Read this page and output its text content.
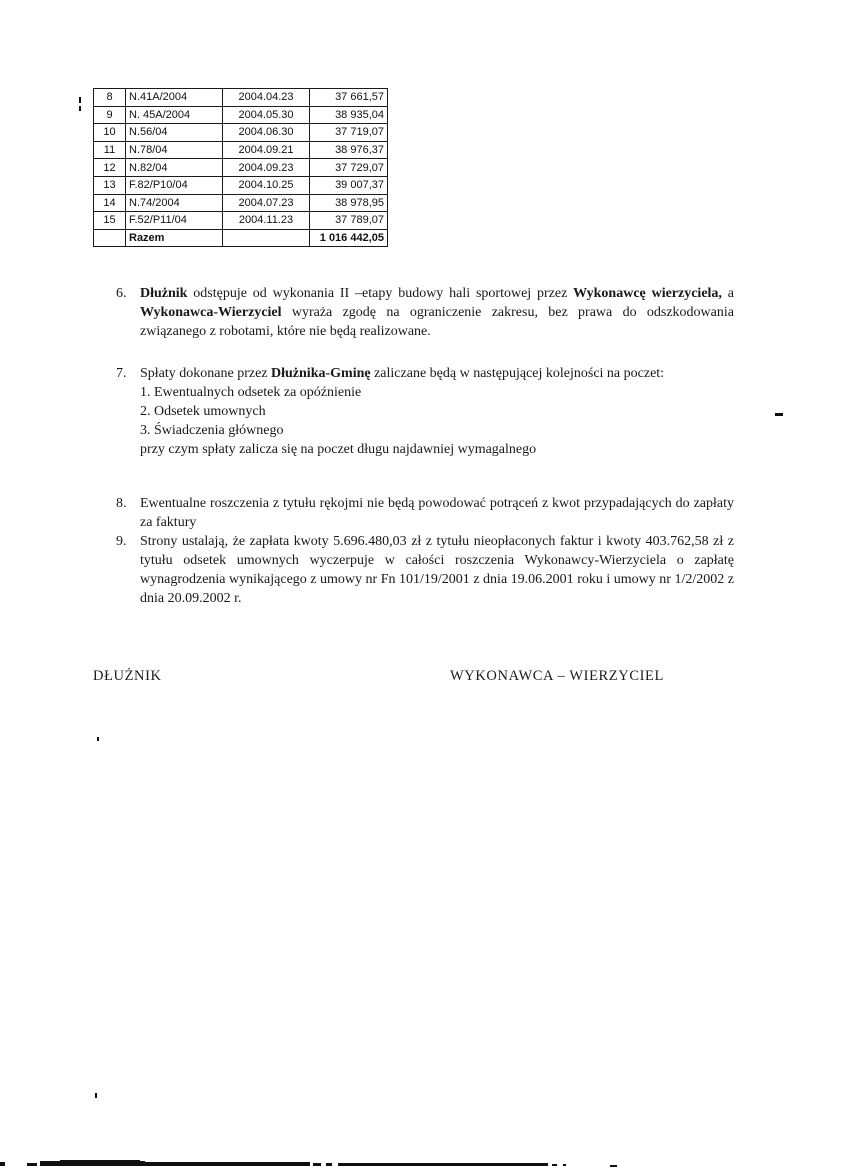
8	N.41A/2004	2004.04.23	37 661,57
9	N. 45A/2004	2004.05.30	38 935,04
10	N.56/04	2004.06.30	37 719,07
11	N.78/04	2004.09.21	38 976,37
12	N.82/04	2004.09.23	37 729,07
13	F.82/P10/04	2004.10.25	39 007,37
14	N.74/2004	2004.07.23	38 978,95
15	F.52/P11/04	2004.11.23	37 789,07
	Razem		1 016 442,05
6. Dłużnik odstępuje od wykonania II –etapy budowy hali sportowej przez Wykonawcę wierzyciela, a Wykonawca-Wierzyciel wyraża zgodę na ograniczenie zakresu, bez prawa do odszkodowania związanego z robotami, które nie będą realizowane.
7. Spłaty dokonane przez Dłużnika-Gminę zaliczane będą w następującej kolejności na poczet:
1. Ewentualnych odsetek za opóźnienie
2. Odsetek umownych
3. Świadczenia głównego
przy czym spłaty zalicza się na poczet długu najdawniej wymagalnego
8. Ewentualne roszczenia z tytułu rękojmi nie będą powodować potrąceń z kwot przypadających do zapłaty za faktury
9. Strony ustalają, że zapłata kwoty 5.696.480,03 zł z tytułu nieopłaconych faktur i kwoty 403.762,58 zł z tytułu odsetek umownych wyczerpuje w całości roszczenia Wykonawcy-Wierzyciela o zapłatę wynagrodzenia wynikającego z umowy nr Fn 101/19/2001 z dnia 19.06.2001 roku i umowy nr 1/2/2002 z dnia 20.09.2002 r.
DŁUŻNIK	WYKONAWCA – WIERZYCIEL
